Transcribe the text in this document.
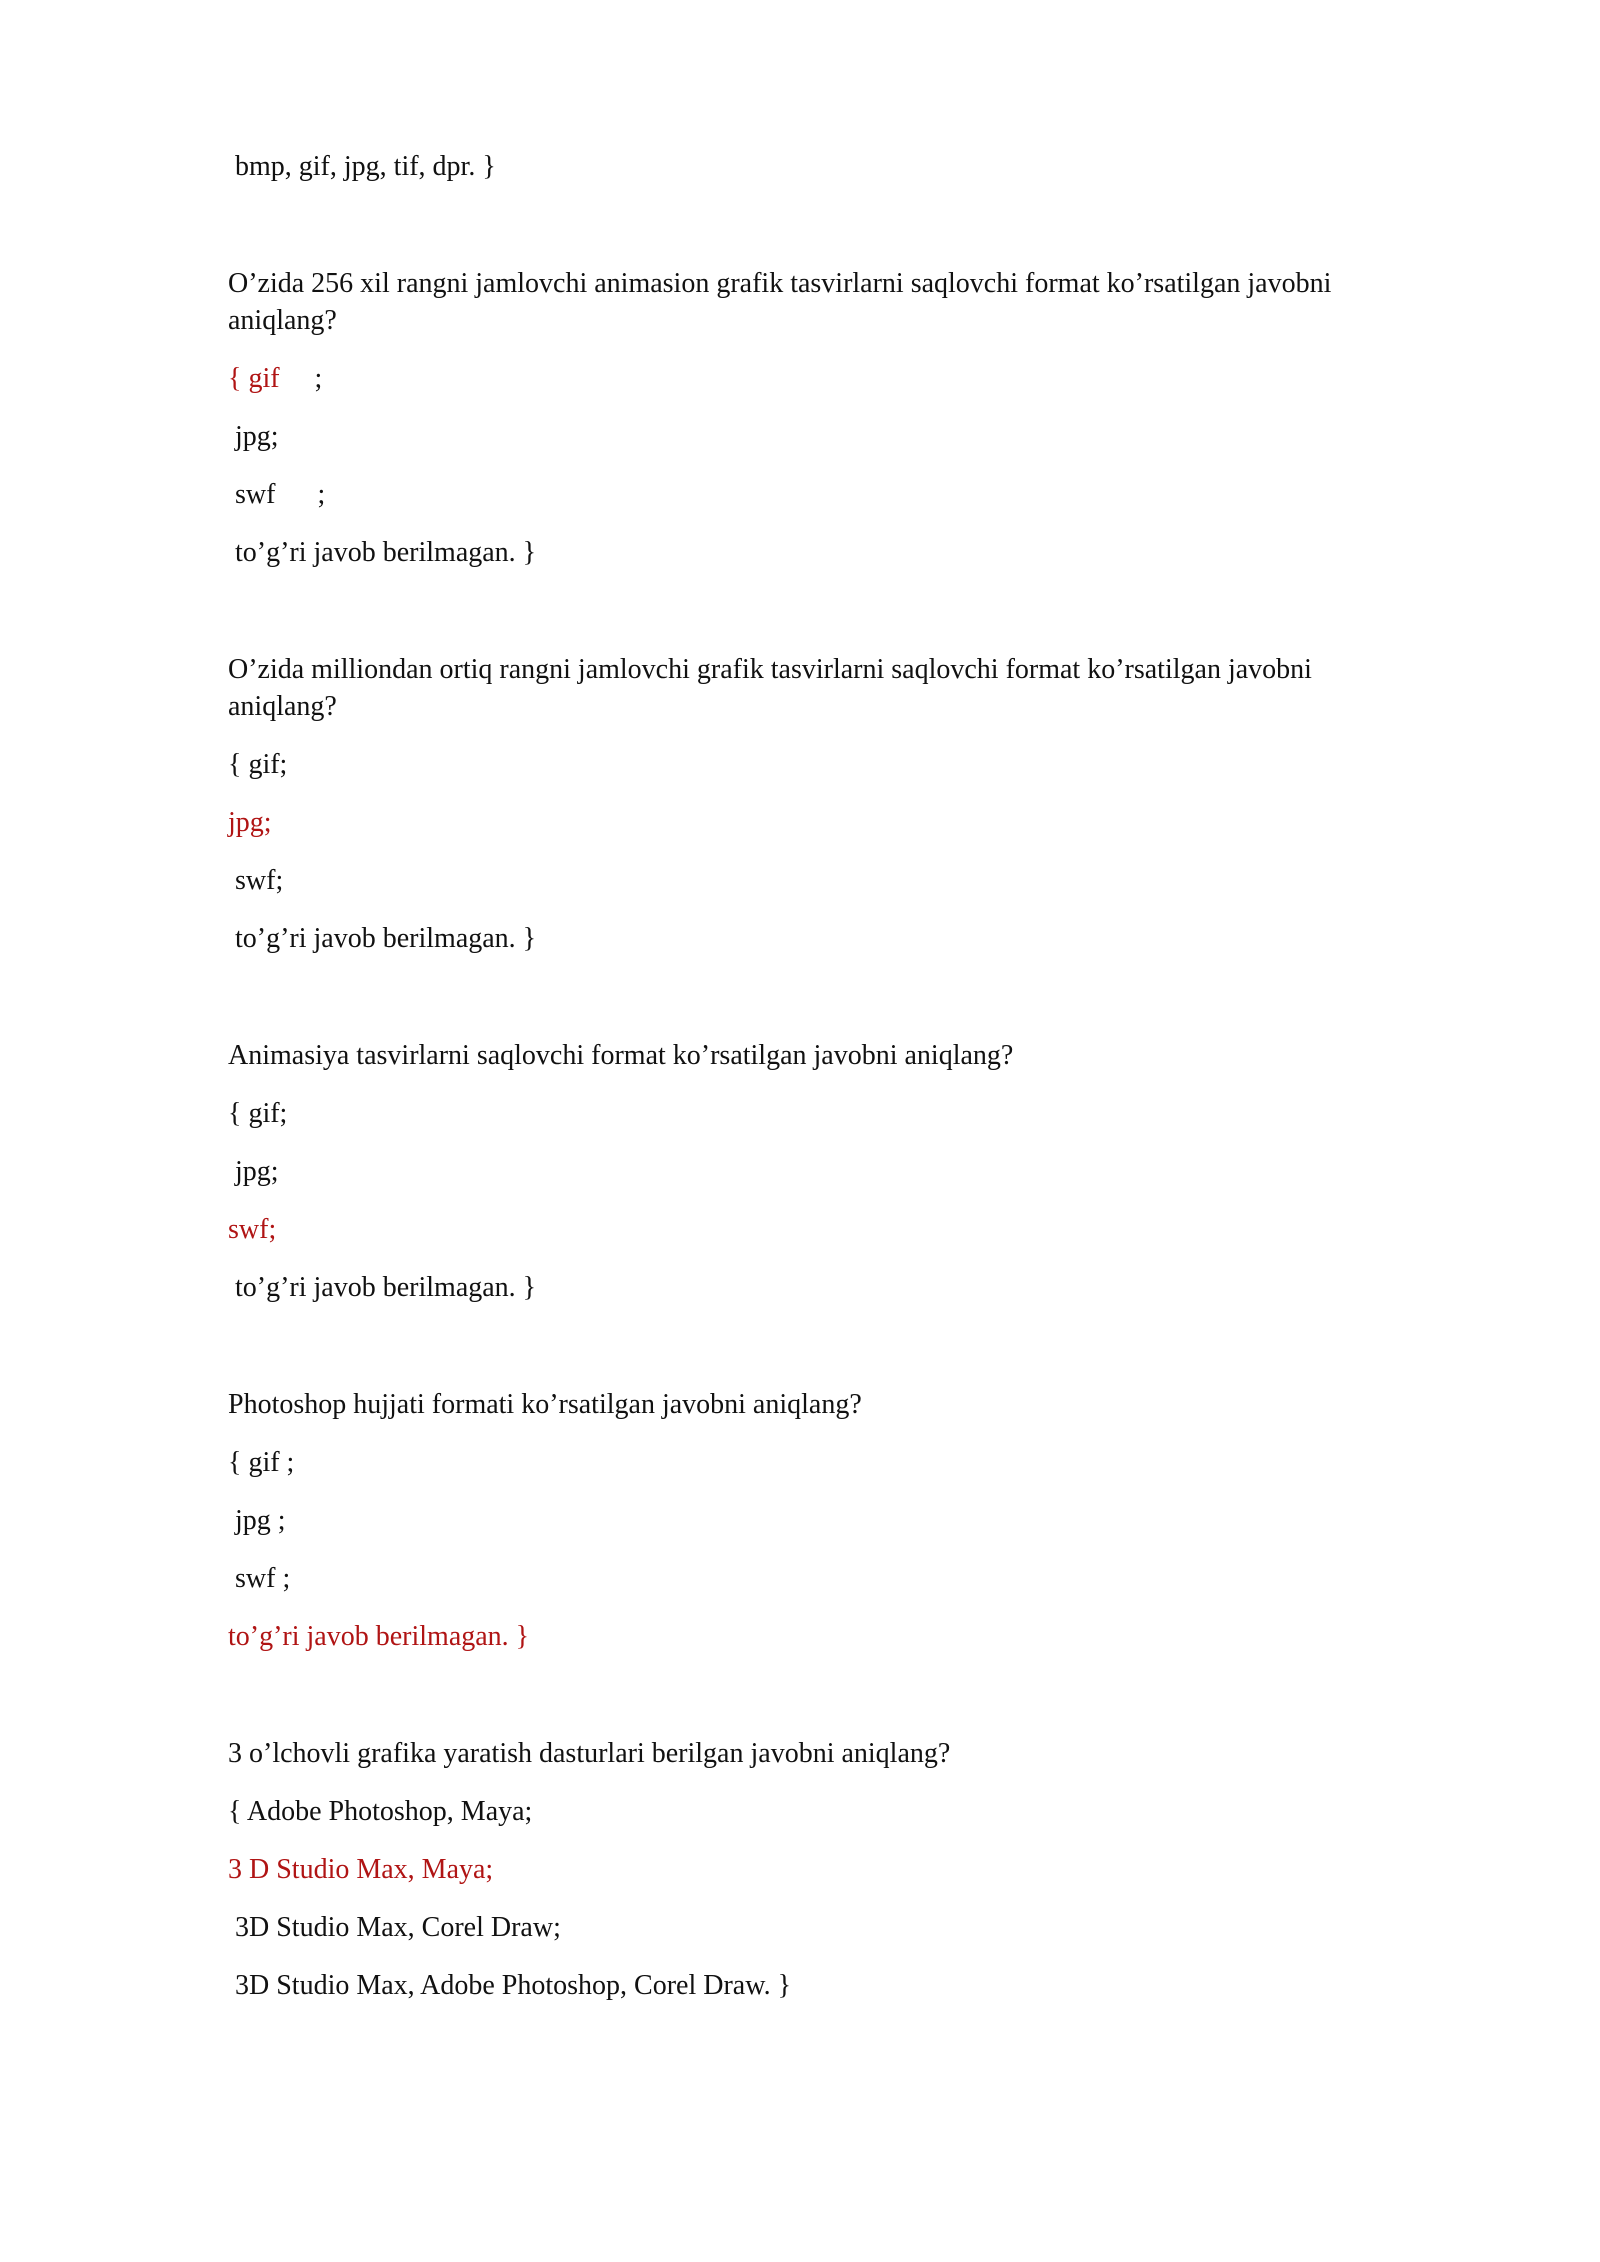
bmp, gif, jpg, tif, dpr. }
O’zida 256 xil rangni jamlovchi animasion grafik tasvirlarni saqlovchi format ko’rsatilgan javobni aniqlang?
{ gif     ;
jpg;
swf      ;
to’g’ri javob berilmagan. }
O’zida milliondan ortiq rangni jamlovchi grafik tasvirlarni saqlovchi format ko’rsatilgan javobni aniqlang?
{ gif;
jpg;
swf;
to’g’ri javob berilmagan. }
Animasiya tasvirlarni saqlovchi format ko’rsatilgan javobni aniqlang?
{ gif;
jpg;
swf;
to’g’ri javob berilmagan. }
Photoshop hujjati formati ko’rsatilgan javobni aniqlang?
{ gif ;
jpg ;
swf ;
to’g’ri javob berilmagan. }
3 o’lchovli grafika yaratish dasturlari berilgan javobni aniqlang?
{ Adobe Photoshop, Maya;
3 D Studio Max, Maya;
3D Studio Max, Corel Draw;
3D Studio Max, Adobe Photoshop, Corel Draw. }
